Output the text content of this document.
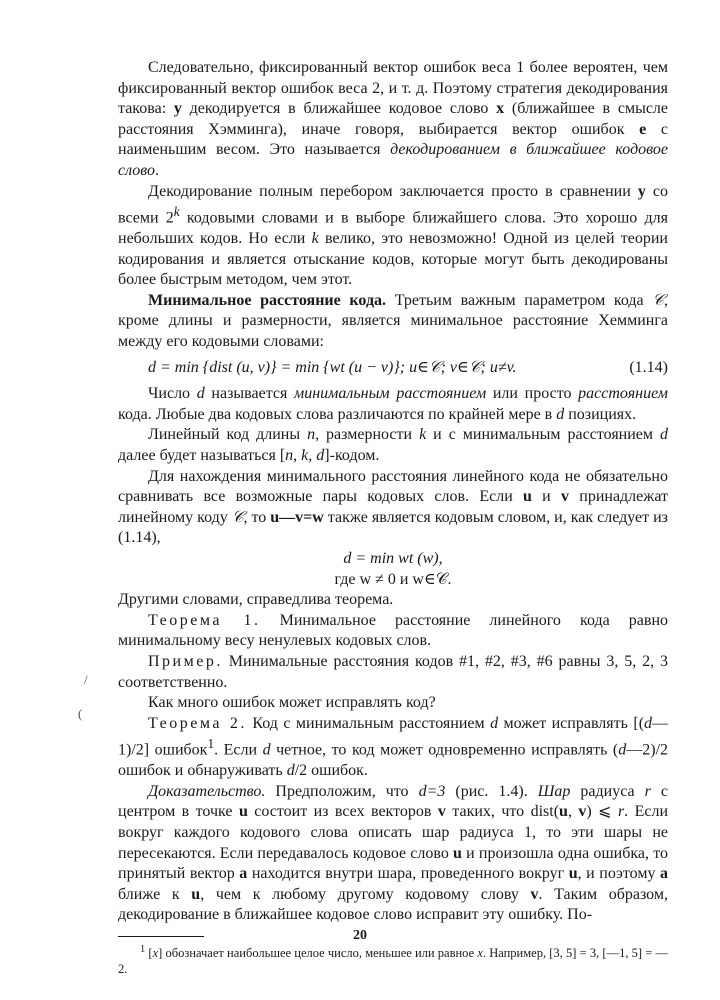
Следовательно, фиксированный вектор ошибок веса 1 более вероятен, чем фиксированный вектор ошибок веса 2, и т. д. Поэтому стратегия декодирования такова: y декодируется в ближайшее кодовое слово x (ближайшее в смысле расстояния Хэмминга), иначе говоря, выбирается вектор ошибок e с наименьшим весом. Это называется декодированием в ближайшее кодовое слово.

Декодирование полным перебором заключается просто в сравнении y со всеми 2$^k$ кодовыми словами и в выборе ближайшего слова. Это хорошо для небольших кодов. Но если k велико, это невозможно! Одной из целей теории кодирования и является отыскание кодов, которые могут быть декодированы более быстрым методом, чем этот.

Минимальное расстояние кода. Третьим важным параметром кода 𝒞, кроме длины и размерности, является минимальное расстояние Хемминга между его кодовыми словами:

d = min {dist (u, v)} = min {wt (u − v)}; u∈𝒞; v∈𝒞; u≠v.	(1.14)

Число d называется минимальным расстоянием или просто расстоянием кода. Любые два кодовых слова различаются по крайней мере в d позициях.

Линейный код длины n, размерности k и с минимальным расстоянием d далее будет называться [n, k, d]-кодом.

Для нахождения минимального расстояния линейного кода не обязательно сравнивать все возможные пары кодовых слов. Если u и v принадлежат линейному коду 𝒞, то u—v=w также является кодовым словом, и, как следует из (1.14),

d = min wt (w),

где w ≠ 0 и w∈𝒞.

Другими словами, справедлива теорема.

Теорема 1. Минимальное расстояние линейного кода равно минимальному весу ненулевых кодовых слов.

Пример. Минимальные расстояния кодов #1, #2, #3, #6 равны 3, 5, 2, 3 соответственно.

Как много ошибок может исправлять код?

Теорема 2. Код с минимальным расстоянием d может исправлять [(d—1)/2] ошибок$^1$. Если d четное, то код может одновременно исправлять (d—2)/2 ошибок и обнаруживать d/2 ошибок.

Доказательство. Предположим, что d=3 (рис. 1.4). Шар радиуса r с центром в точке u состоит из всех векторов v таких, что dist(u, v) ⩽ r. Если вокруг каждого кодового слова описать шар радиуса 1, то эти шары не пересекаются. Если передавалось кодовое слово u и произошла одна ошибка, то принятый вектор a находится внутри шара, проведенного вокруг u, и поэтому a ближе к u, чем к любому другому кодовому слову v. Таким образом, декодирование в ближайшее кодовое слово исправит эту ошибку. По-

$^1$ [x] обозначает наибольшее целое число, меньшее или равное x. Например, [3, 5] = 3, [—1, 5] = —2.

/
(
20
